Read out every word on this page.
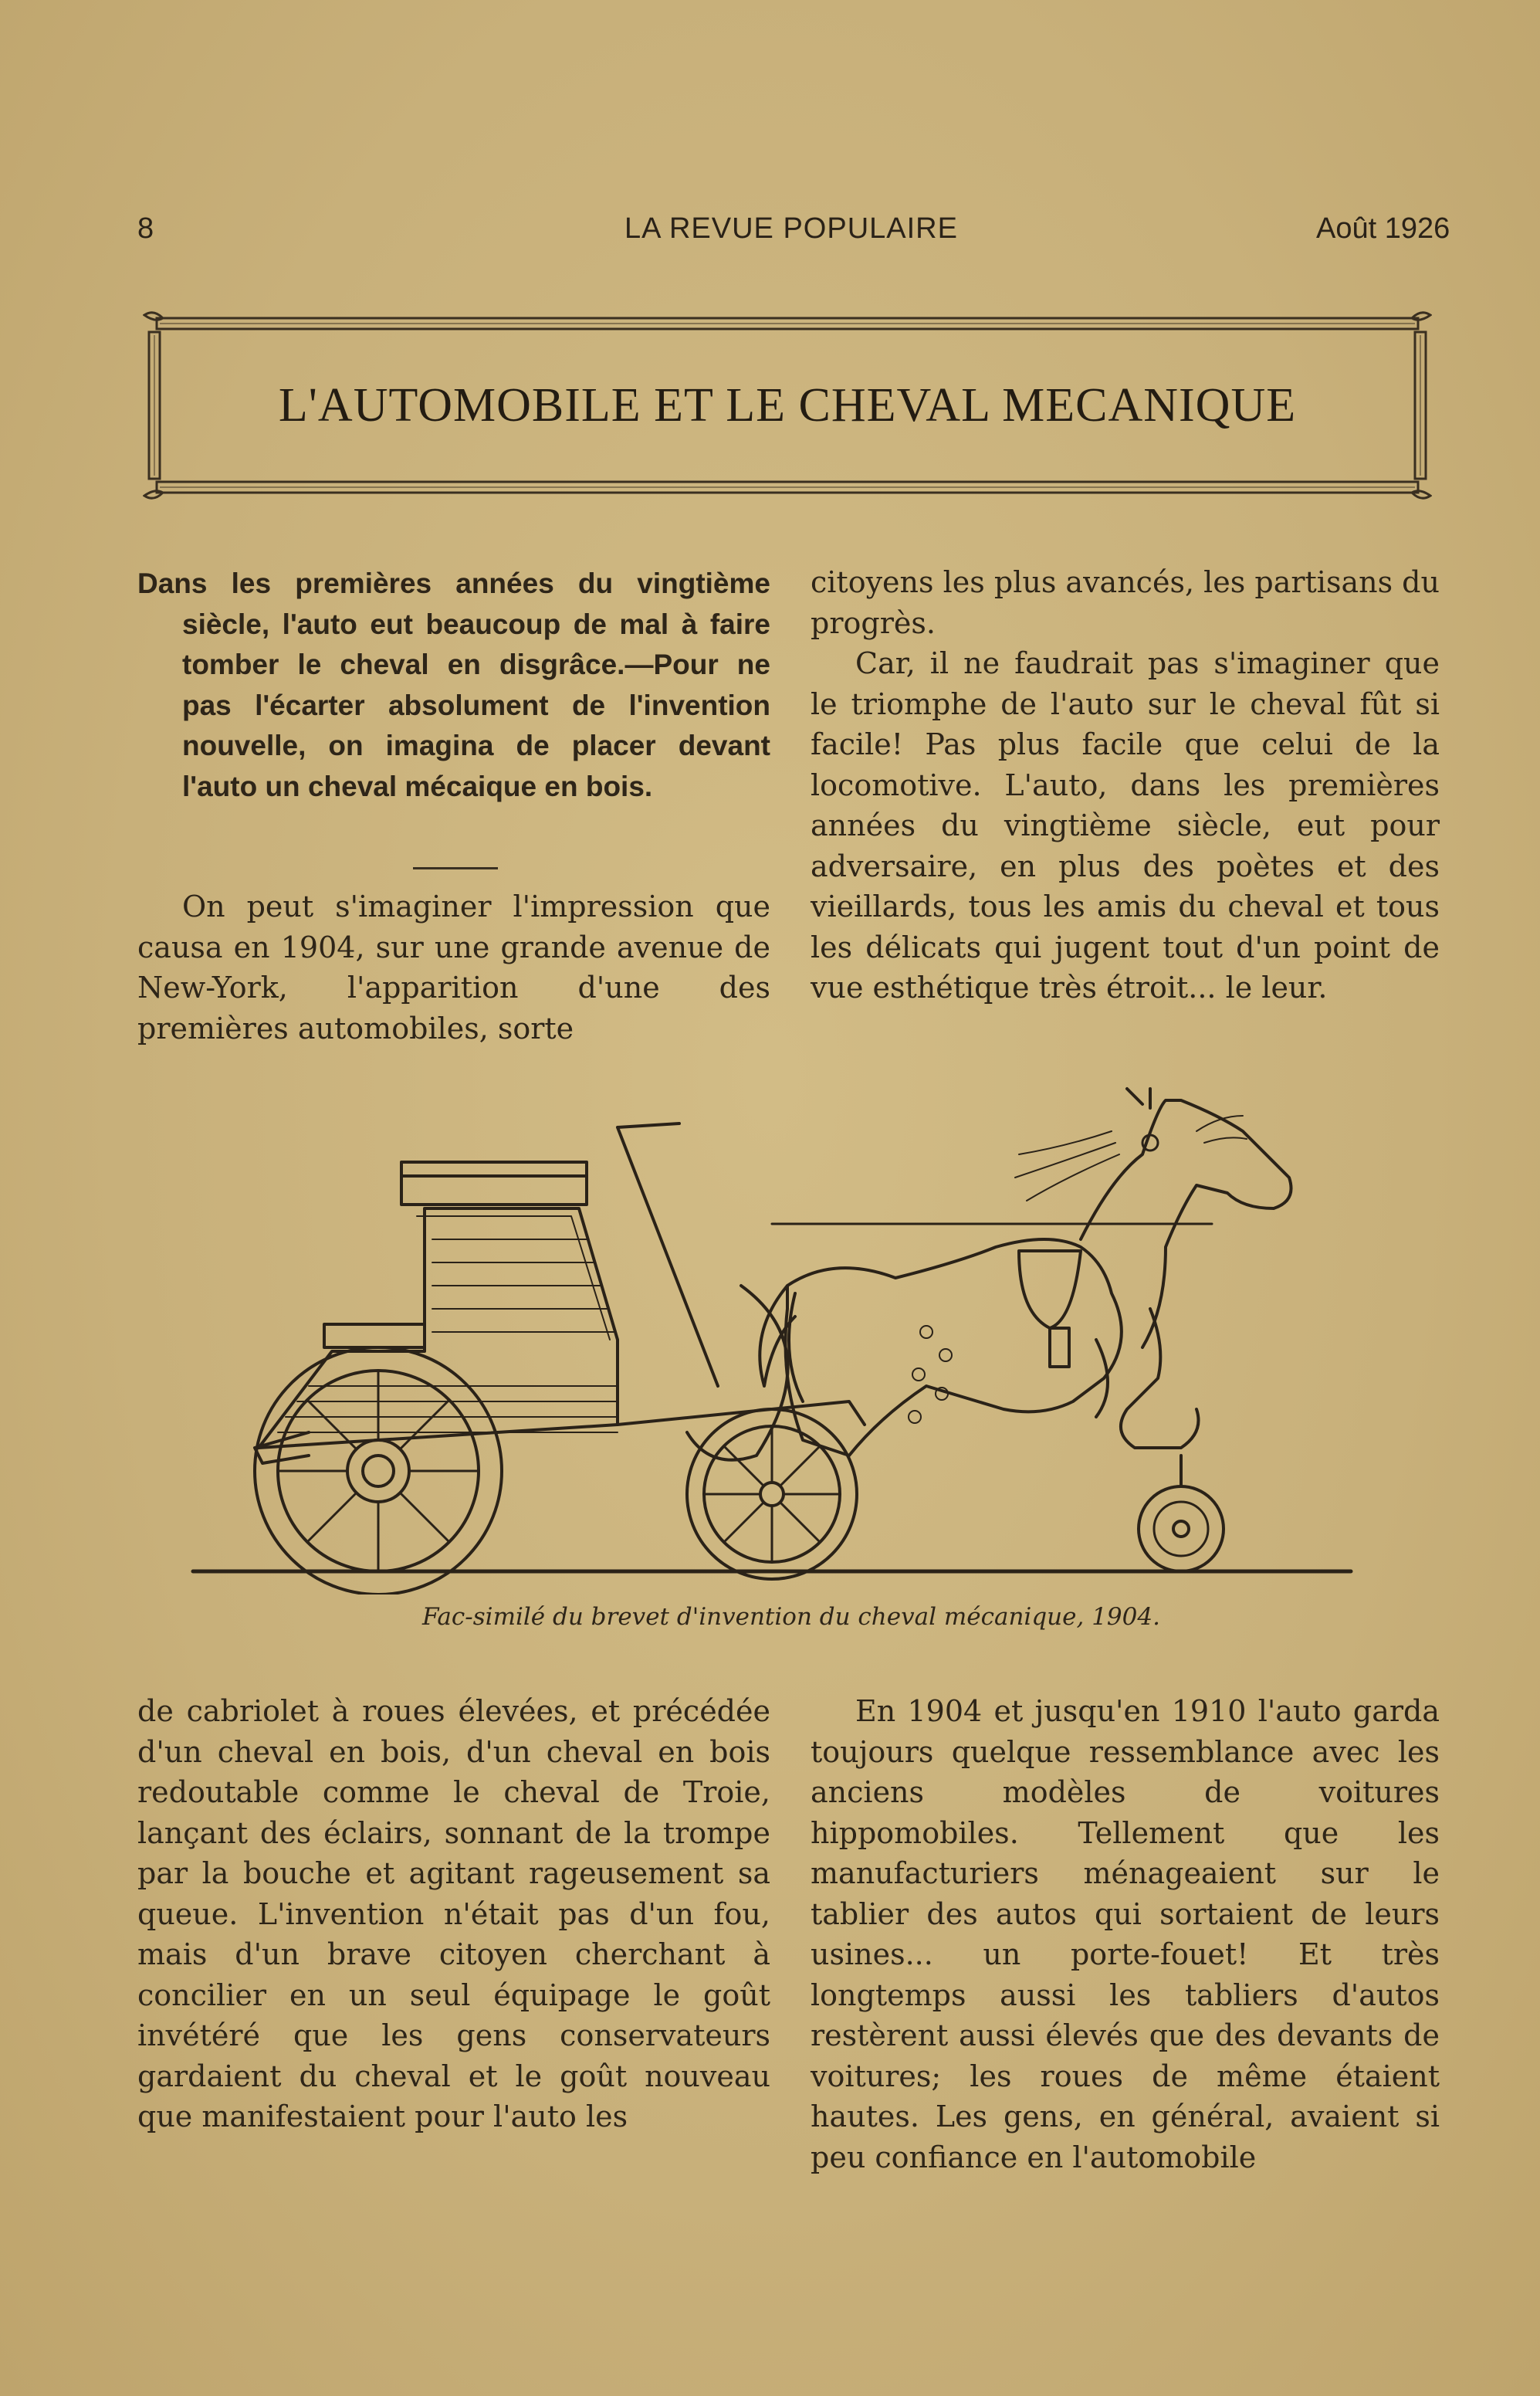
8	LA REVUE POPULAIRE	Août 1926
L'AUTOMOBILE ET LE CHEVAL MECANIQUE

Dans les premières années du vingtième siècle, l'auto eut beaucoup de mal à faire tomber le cheval en disgrâce.—Pour ne pas l'écarter absolument de l'invention nouvelle, on imagina de placer devant l'auto un cheval mécaique en bois.

On peut s'imaginer l'impression que causa en 1904, sur une grande avenue de New-York, l'apparition d'une des premières automobiles, sorte

citoyens les plus avancés, les partisans du progrès.

Car, il ne faudrait pas s'imaginer que le triomphe de l'auto sur le cheval fût si facile! Pas plus facile que celui de la locomotive. L'auto, dans les premières années du vingtième siècle, eut pour adversaire, en plus des poètes et des vieillards, tous les amis du cheval et tous les délicats qui jugent tout d'un point de vue esthétique très étroit... le leur.

Fac-similé du brevet d'invention du cheval mécanique, 1904.

de cabriolet à roues élevées, et précédée d'un cheval en bois, d'un cheval en bois redoutable comme le cheval de Troie, lançant des éclairs, sonnant de la trompe par la bouche et agitant rageusement sa queue. L'invention n'était pas d'un fou, mais d'un brave citoyen cherchant à concilier en un seul équipage le goût invétéré que les gens conservateurs gardaient du cheval et le goût nouveau que manifestaient pour l'auto les

En 1904 et jusqu'en 1910 l'auto garda toujours quelque ressemblance avec les anciens modèles de voitures hippomobiles. Tellement que les manufacturiers ménageaient sur le tablier des autos qui sortaient de leurs usines... un porte-fouet! Et très longtemps aussi les tabliers d'autos restèrent aussi élevés que des devants de voitures; les roues de même étaient hautes. Les gens, en général, avaient si peu confiance en l'automobile
